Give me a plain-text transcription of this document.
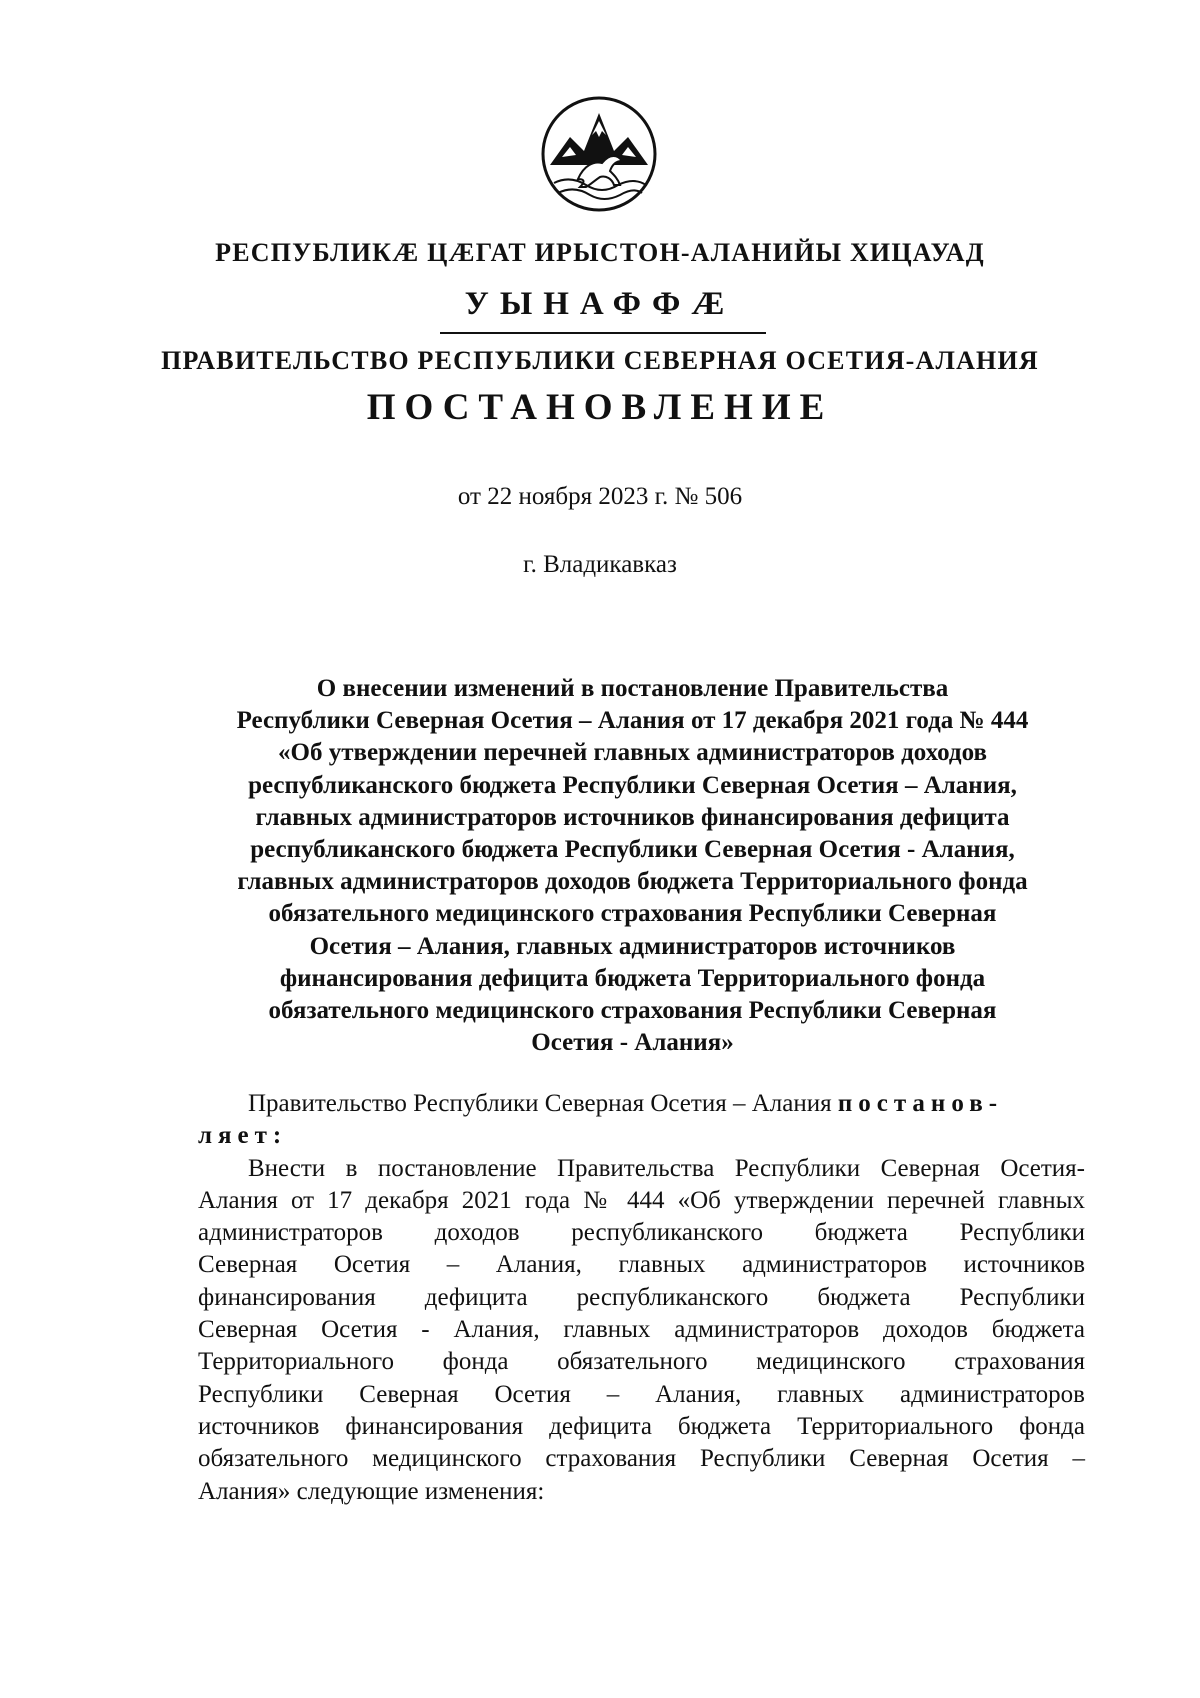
РЕСПУБЛИКÆ ЦÆГАТ ИРЫСТОН-АЛАНИЙЫ ХИЦАУАД
УЫНАФФÆ
ПРАВИТЕЛЬСТВО РЕСПУБЛИКИ СЕВЕРНАЯ ОСЕТИЯ-АЛАНИЯ
ПОСТАНОВЛЕНИЕ
от 22 ноября 2023 г. № 506
г. Владикавказ
О внесении изменений в постановление Правительства
Республики Северная Осетия – Алания от 17 декабря 2021 года № 444
«Об утверждении перечней главных администраторов доходов
республиканского бюджета Республики Северная Осетия – Алания,
главных администраторов источников финансирования дефицита
республиканского бюджета Республики Северная Осетия - Алания,
главных администраторов доходов бюджета Территориального фонда
обязательного медицинского страхования Республики Северная
Осетия – Алания, главных администраторов источников
финансирования дефицита бюджета Территориального фонда
обязательного медицинского страхования Республики Северная
Осетия - Алания»
Правительство Республики Северная Осетия – Алания постанов-
ляет:
Внести в постановление Правительства Республики Северная Осетия-
Алания от 17 декабря 2021 года № 444 «Об утверждении перечней главных
администраторов доходов республиканского бюджета Республики
Северная Осетия – Алания, главных администраторов источников
финансирования дефицита республиканского бюджета Республики
Северная Осетия - Алания, главных администраторов доходов бюджета
Территориального фонда обязательного медицинского страхования
Республики Северная Осетия – Алания, главных администраторов
источников финансирования дефицита бюджета Территориального фонда
обязательного медицинского страхования Республики Северная Осетия –
Алания» следующие изменения:
